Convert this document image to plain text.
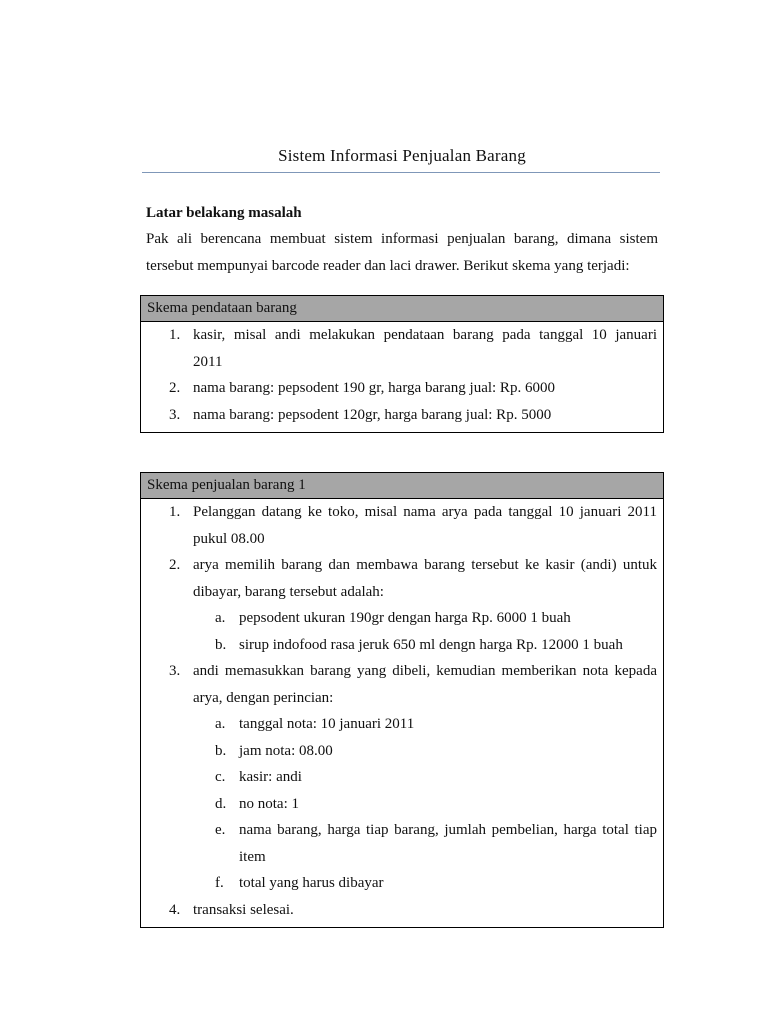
Sistem Informasi Penjualan Barang

Latar belakang masalah

Pak ali berencana membuat sistem informasi penjualan barang, dimana sistem
tersebut mempunyai barcode reader dan laci drawer. Berikut skema yang terjadi:

Skema pendataan barang
1. kasir, misal andi melakukan pendataan barang pada tanggal 10 januari
2011
2. nama barang: pepsodent 190 gr, harga barang jual: Rp. 6000
3. nama barang: pepsodent 120gr, harga barang jual: Rp. 5000
Skema penjualan barang 1
1. Pelanggan datang ke toko, misal nama arya pada tanggal 10 januari 2011
pukul 08.00
2. arya memilih barang dan membawa barang tersebut ke kasir (andi) untuk
dibayar, barang tersebut adalah:
a. pepsodent ukuran 190gr dengan harga Rp. 6000 1 buah
b. sirup indofood rasa jeruk 650 ml dengn harga Rp. 12000 1 buah
3. andi memasukkan barang yang dibeli, kemudian memberikan nota kepada
arya, dengan perincian:
a. tanggal nota: 10 januari 2011
b. jam nota: 08.00
c. kasir: andi
d. no nota: 1
e. nama barang, harga tiap barang, jumlah pembelian, harga total tiap
item
f. total yang harus dibayar
4. transaksi selesai.
